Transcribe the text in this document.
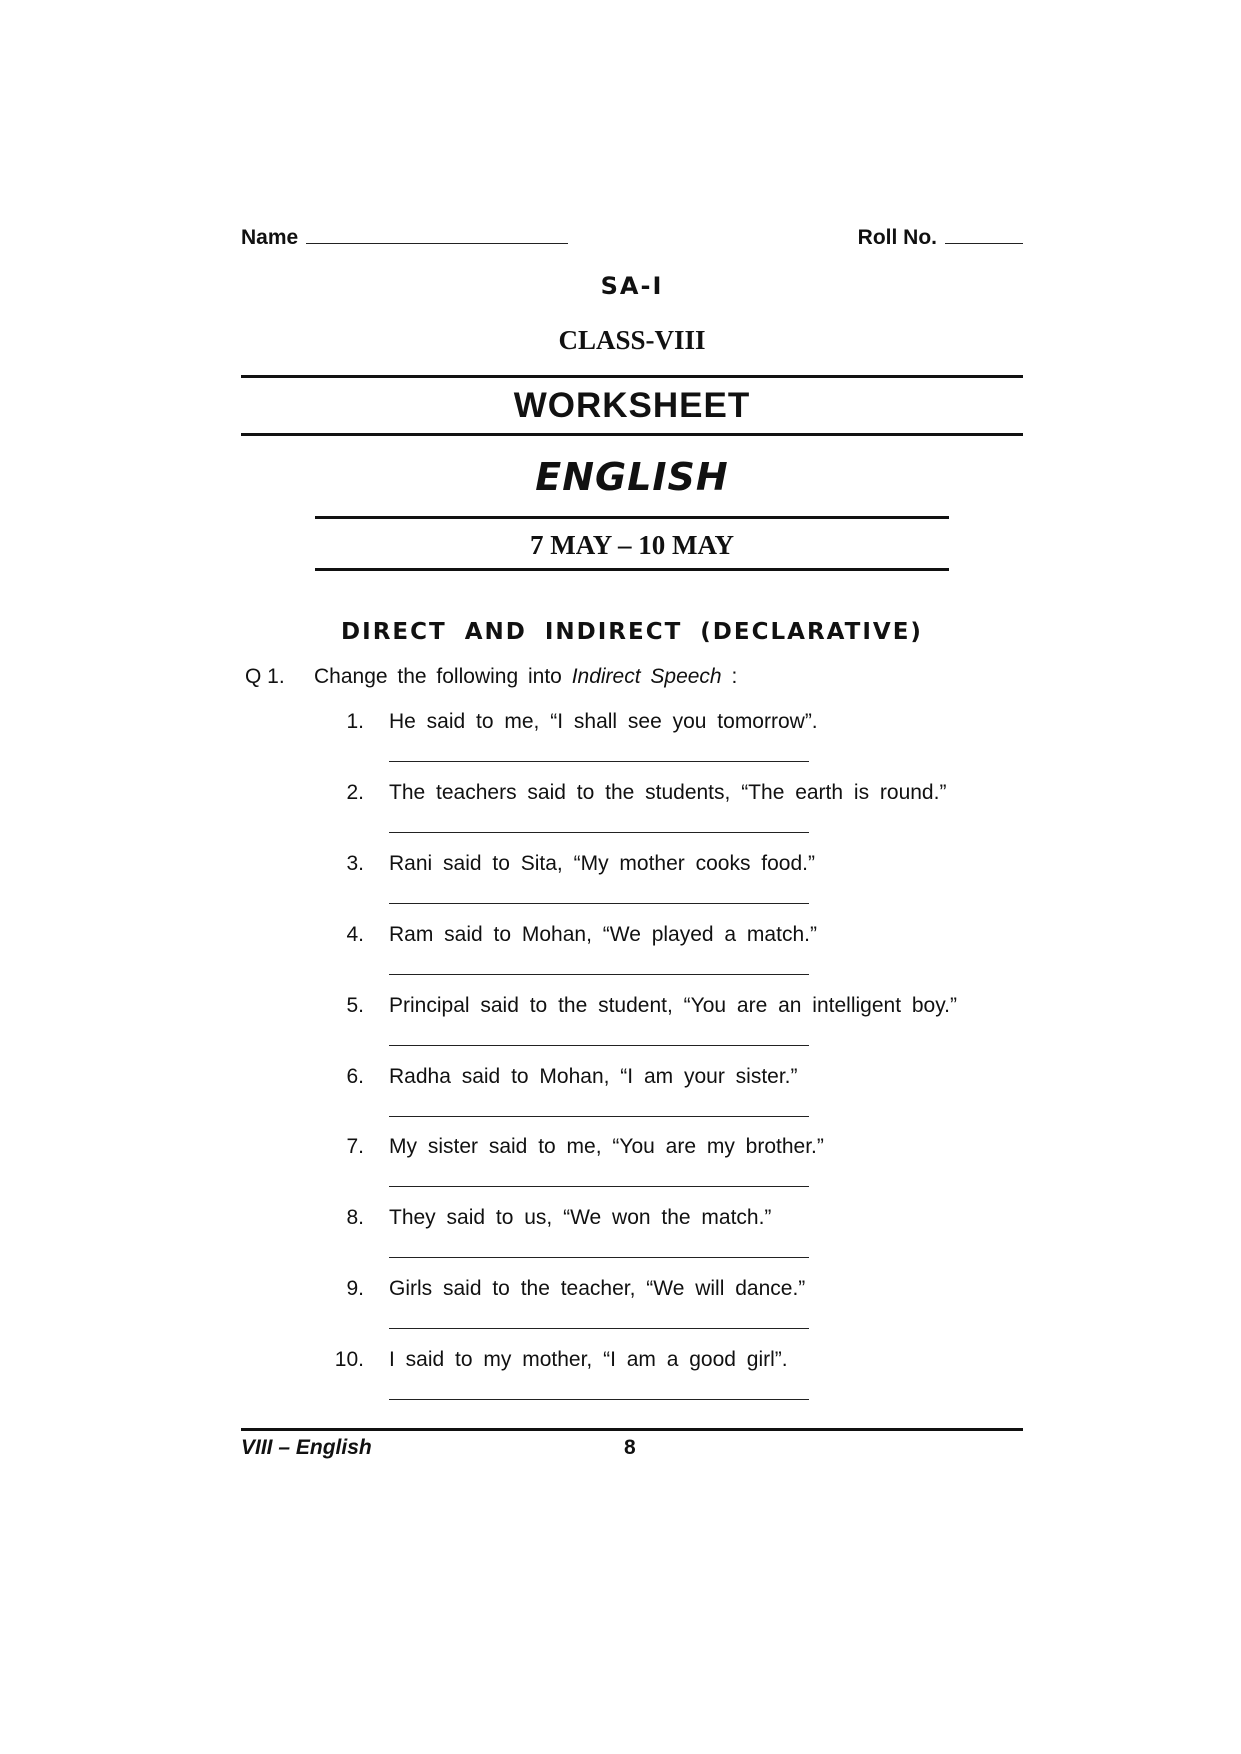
Name	Roll No.
SA-I
CLASS-VIII
WORKSHEET
ENGLISH
7 MAY – 10 MAY
DIRECT AND INDIRECT (DECLARATIVE)
Q 1. Change the following into Indirect Speech :
1. He said to me, “I shall see you tomorrow”.
2. The teachers said to the students, “The earth is round.”
3. Rani said to Sita, “My mother cooks food.”
4. Ram said to Mohan, “We played a match.”
5. Principal said to the student, “You are an intelligent boy.”
6. Radha said to Mohan, “I am your sister.”
7. My sister said to me, “You are my brother.”
8. They said to us, “We won the match.”
9. Girls said to the teacher, “We will dance.”
10. I said to my mother, “I am a good girl”.
VIII – English	8
